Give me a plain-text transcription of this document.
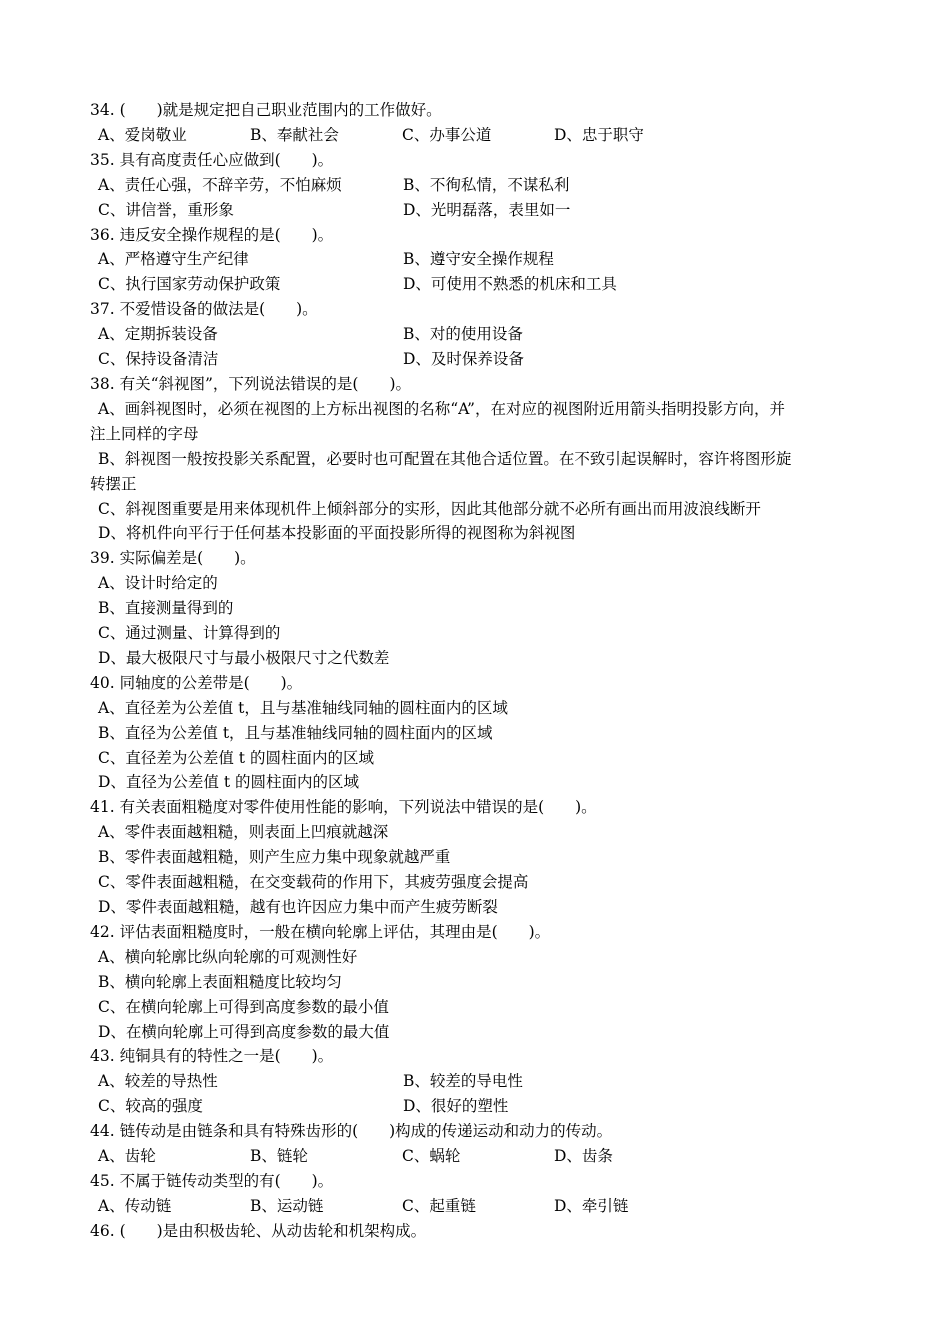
34. (　　)就是规定把自己职业范围内的工作做好。
A、爱岗敬业	B、奉献社会	C、办事公道	D、忠于职守
35. 具有高度责任心应做到(　　)。
A、责任心强，不辞辛劳，不怕麻烦	B、不徇私情，不谋私利
C、讲信誉，重形象	D、光明磊落，表里如一
36. 违反安全操作规程的是(　　)。
A、严格遵守生产纪律	B、遵守安全操作规程
C、执行国家劳动保护政策	D、可使用不熟悉的机床和工具
37. 不爱惜设备的做法是(　　)。
A、定期拆装设备	B、对的使用设备
C、保持设备清洁	D、及时保养设备
38. 有关“斜视图”，下列说法错误的是(　　)。
A、画斜视图时，必须在视图的上方标出视图的名称“A”，在对应的视图附近用箭头指明投影方向，并
注上同样的字母
B、斜视图一般按投影关系配置，必要时也可配置在其他合适位置。在不致引起误解时，容许将图形旋
转摆正
C、斜视图重要是用来体现机件上倾斜部分的实形，因此其他部分就不必所有画出而用波浪线断开
D、将机件向平行于任何基本投影面的平面投影所得的视图称为斜视图
39. 实际偏差是(　　)。
A、设计时给定的
B、直接测量得到的
C、通过测量、计算得到的
D、最大极限尺寸与最小极限尺寸之代数差
40. 同轴度的公差带是(　　)。
A、直径差为公差值 t，且与基准轴线同轴的圆柱面内的区域
B、直径为公差值 t，且与基准轴线同轴的圆柱面内的区域
C、直径差为公差值 t 的圆柱面内的区域
D、直径为公差值 t 的圆柱面内的区域
41. 有关表面粗糙度对零件使用性能的影响，下列说法中错误的是(　　)。
A、零件表面越粗糙，则表面上凹痕就越深
B、零件表面越粗糙，则产生应力集中现象就越严重
C、零件表面越粗糙，在交变载荷的作用下，其疲劳强度会提高
D、零件表面越粗糙，越有也许因应力集中而产生疲劳断裂
42. 评估表面粗糙度时，一般在横向轮廓上评估，其理由是(　　)。
A、横向轮廓比纵向轮廓的可观测性好
B、横向轮廓上表面粗糙度比较均匀
C、在横向轮廓上可得到高度参数的最小值
D、在横向轮廓上可得到高度参数的最大值
43. 纯铜具有的特性之一是(　　)。
A、较差的导热性	B、较差的导电性
C、较高的强度	D、很好的塑性
44. 链传动是由链条和具有特殊齿形的(　　)构成的传递运动和动力的传动。
A、齿轮	B、链轮	C、蜗轮	D、齿条
45. 不属于链传动类型的有(　　)。
A、传动链	B、运动链	C、起重链	D、牵引链
46. (　　)是由积极齿轮、从动齿轮和机架构成。
